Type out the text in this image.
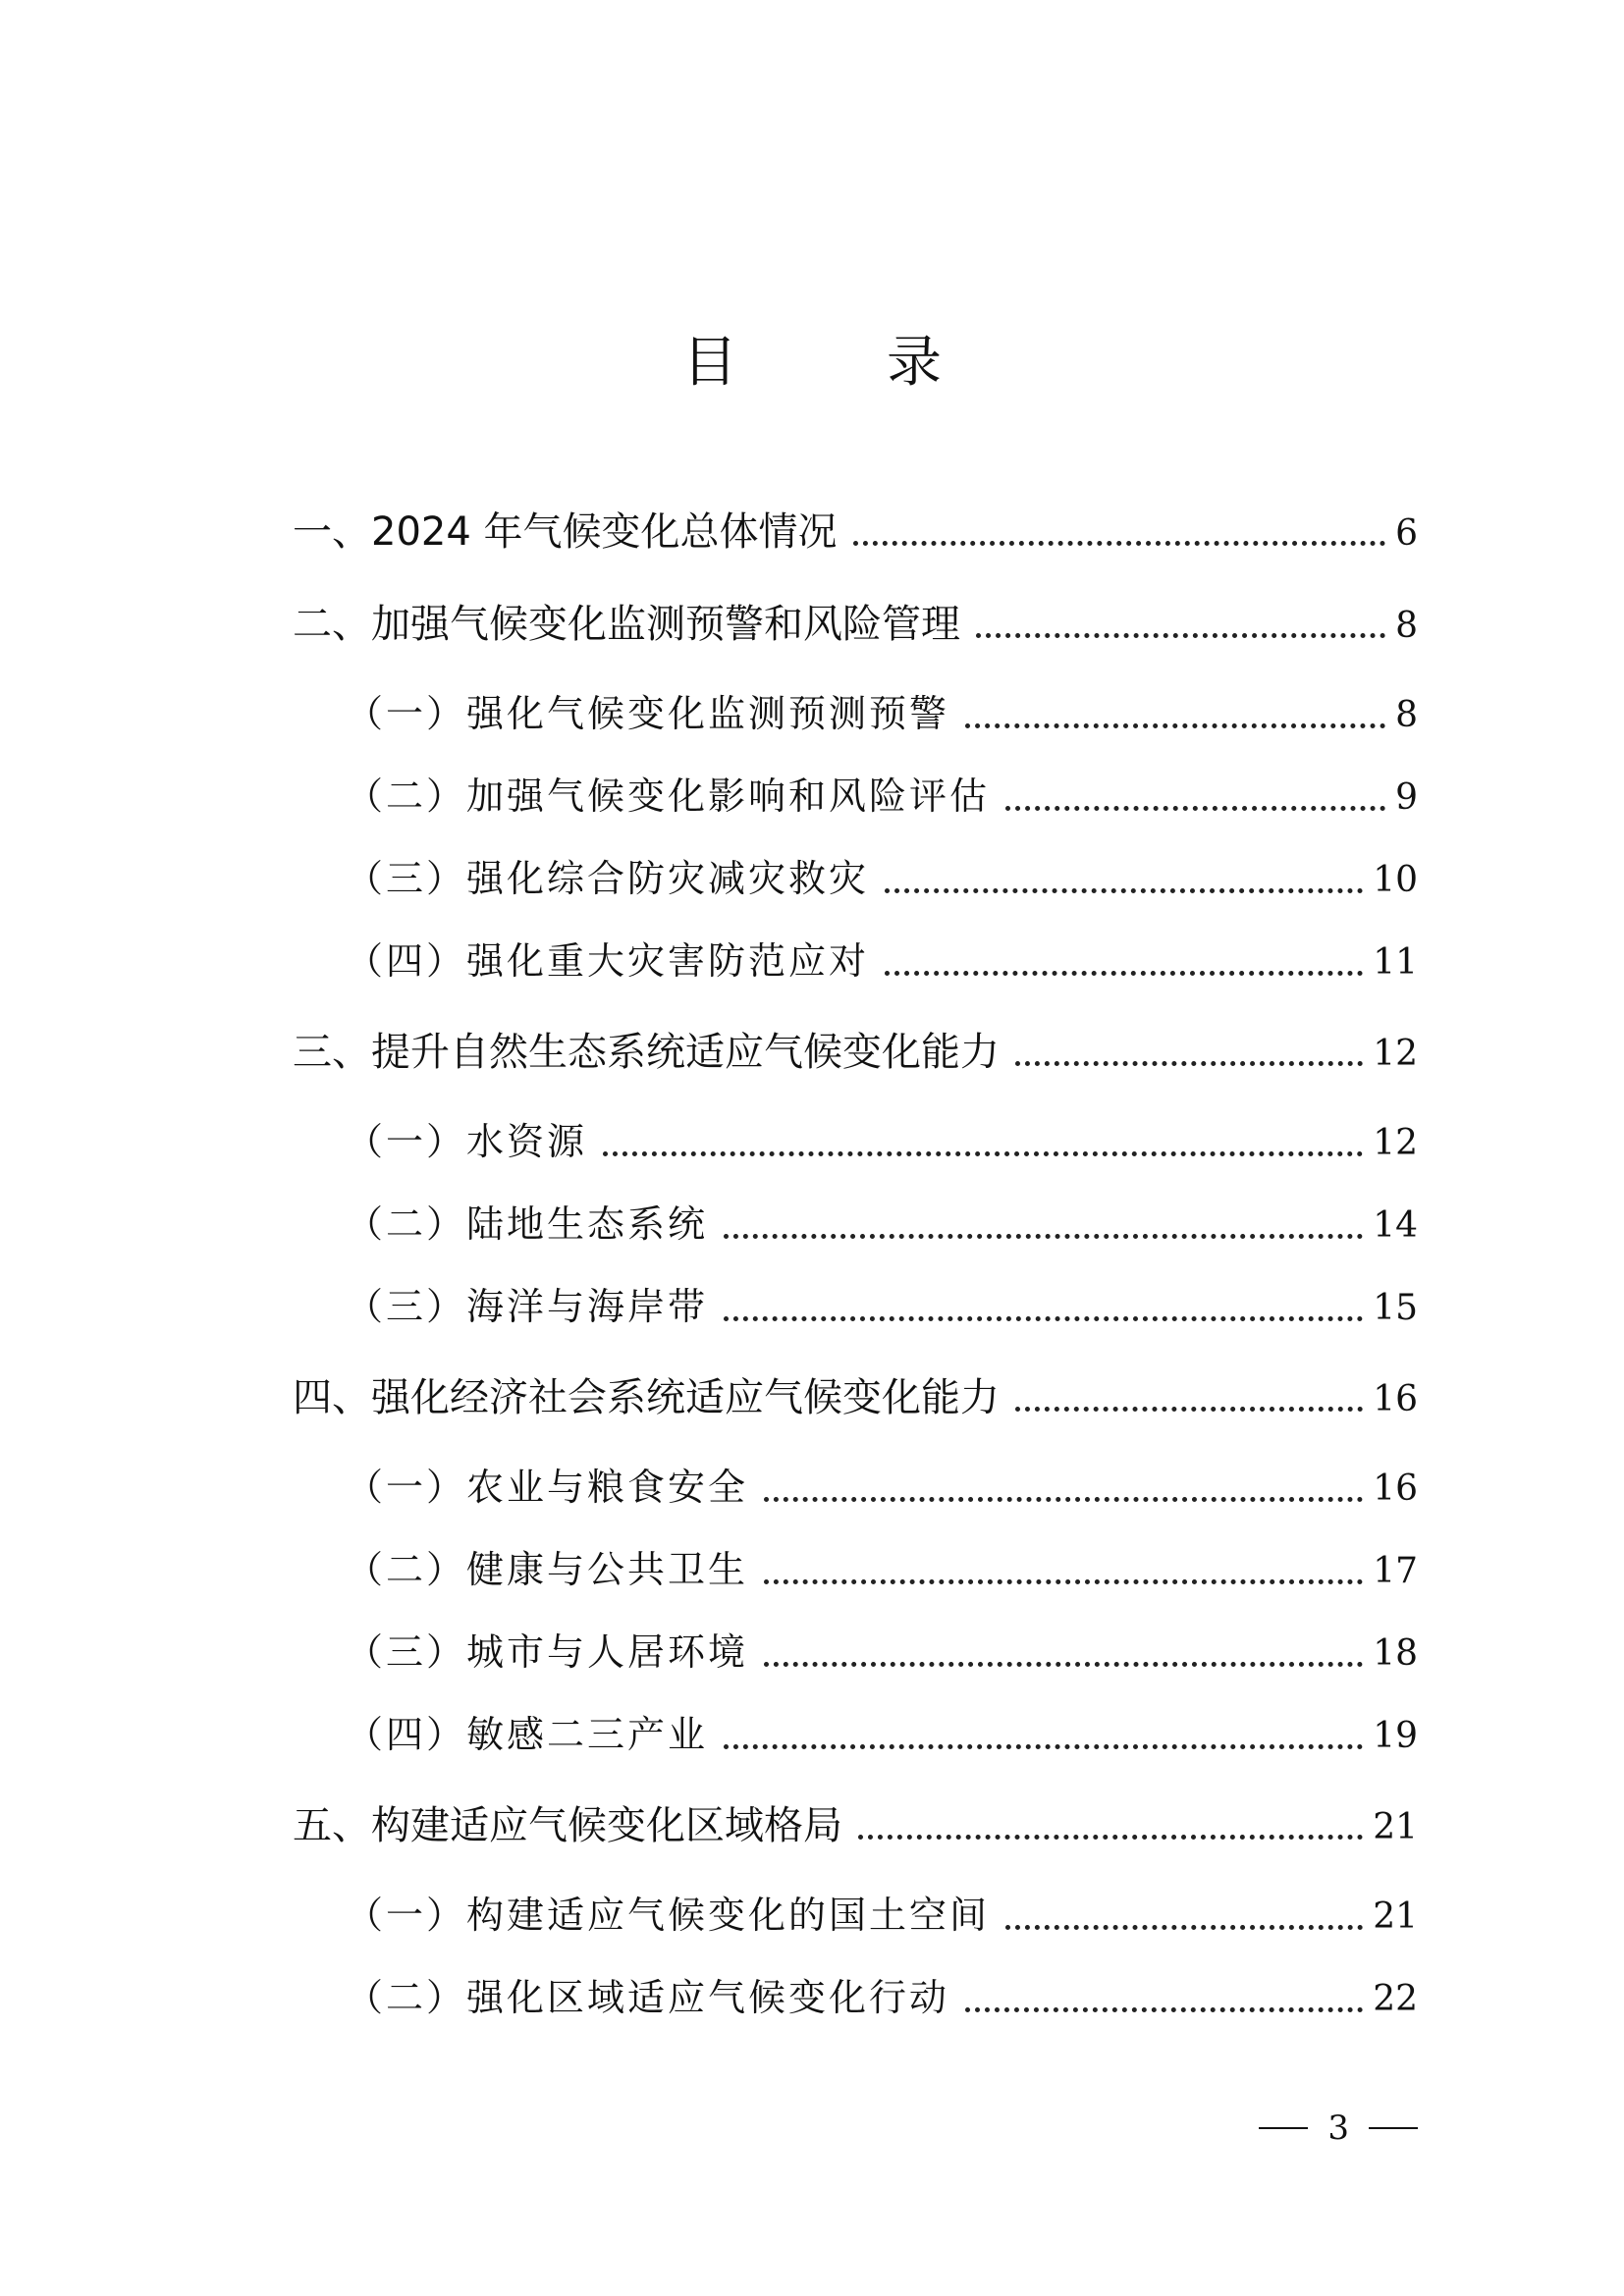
目　录
一、2024 年气候变化总体情况	6
二、加强气候变化监测预警和风险管理	8
（一）强化气候变化监测预测预警	8
（二）加强气候变化影响和风险评估	9
（三）强化综合防灾减灾救灾	10
（四）强化重大灾害防范应对	11
三、提升自然生态系统适应气候变化能力	12
（一）水资源	12
（二）陆地生态系统	14
（三）海洋与海岸带	15
四、强化经济社会系统适应气候变化能力	16
（一）农业与粮食安全	16
（二）健康与公共卫生	17
（三）城市与人居环境	18
（四）敏感二三产业	19
五、构建适应气候变化区域格局	21
（一）构建适应气候变化的国土空间	21
（二）强化区域适应气候变化行动	22
3
